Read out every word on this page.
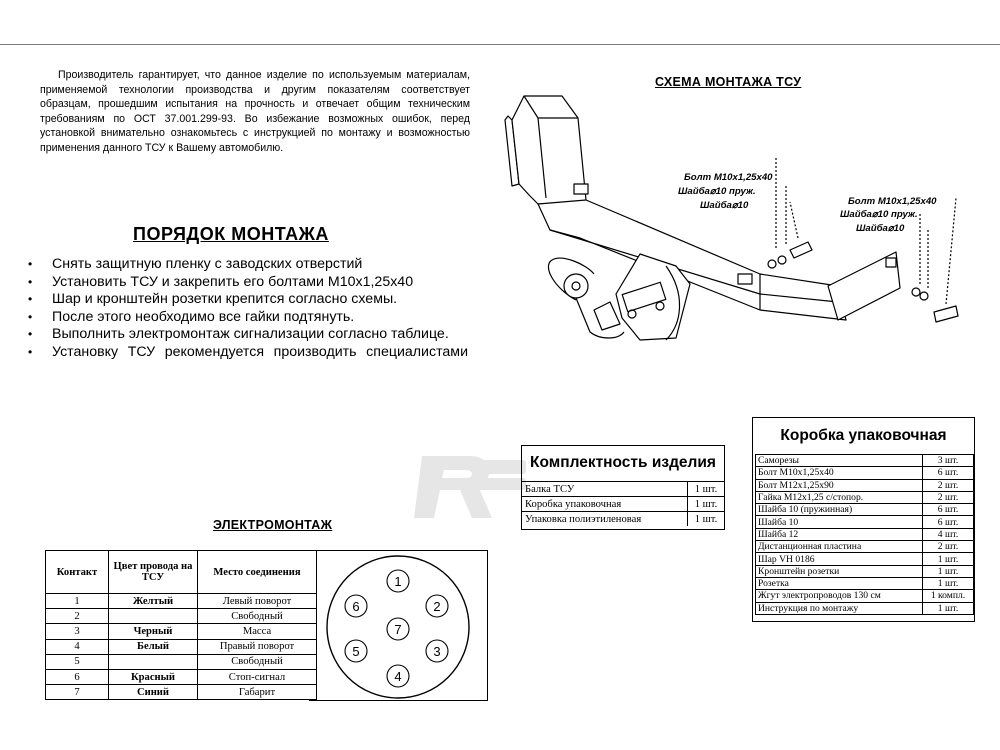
Производитель гарантирует, что данное изделие по используемым материалам, применяемой технологии производства и другим показателям соответствует образцам, прошедшим испытания на прочность и отвечает общим техническим требованиям по ОСТ 37.001.299-93. Во избежание возможных ошибок, перед установкой внимательно ознакомьтесь с инструкцией по монтажу и возможностью применения данного ТСУ к Вашему автомобилю.

ПОРЯДОК МОНТАЖА
• Снять защитную пленку с заводских отверстий
• Установить ТСУ и закрепить его болтами М10х1,25х40
• Шар и кронштейн розетки крепится согласно схемы.
• После этого необходимо все гайки подтянуть.
• Выполнить электромонтаж сигнализации согласно таблице.
• Установку ТСУ рекомендуется производить специалистами
СХЕМА МОНТАЖА ТСУ
Болт М10х1,25х40
Шайба⌀10 пруж.
Шайба⌀10	Болт М10х1,25х40
Шайба⌀10 пруж.
Шайба⌀10
ЭЛЕКТРОМОНТАЖ
Контакт	Цвет провода на ТСУ	Место соединения
1	Желтый	Левый поворот
2		Свободный
3	Черный	Масса
4	Белый	Правый поворот
5		Свободный
6	Красный	Стоп-сигнал
7	Синий	Габарит
1
2
3
4
5
6
7
Комплектность изделия
Балка ТСУ	1 шт.
Коробка упаковочная	1 шт.
Упаковка полиэтиленовая	1 шт.
Коробка упаковочная
Саморезы	3 шт.
Болт М10х1,25х40	6 шт.
Болт М12х1,25х90	2 шт.
Гайка М12х1,25 с/стопор.	2 шт.
Шайба 10 (пружинная)	6 шт.
Шайба 10	6 шт.
Шайба 12	4 шт.
Дистанционная пластина	2 шт.
Шар VH 0186	1 шт.
Кронштейн розетки	1 шт.
Розетка	1 шт.
Жгут электропроводов 130 см	1 компл.
Инструкция по монтажу	1 шт.
